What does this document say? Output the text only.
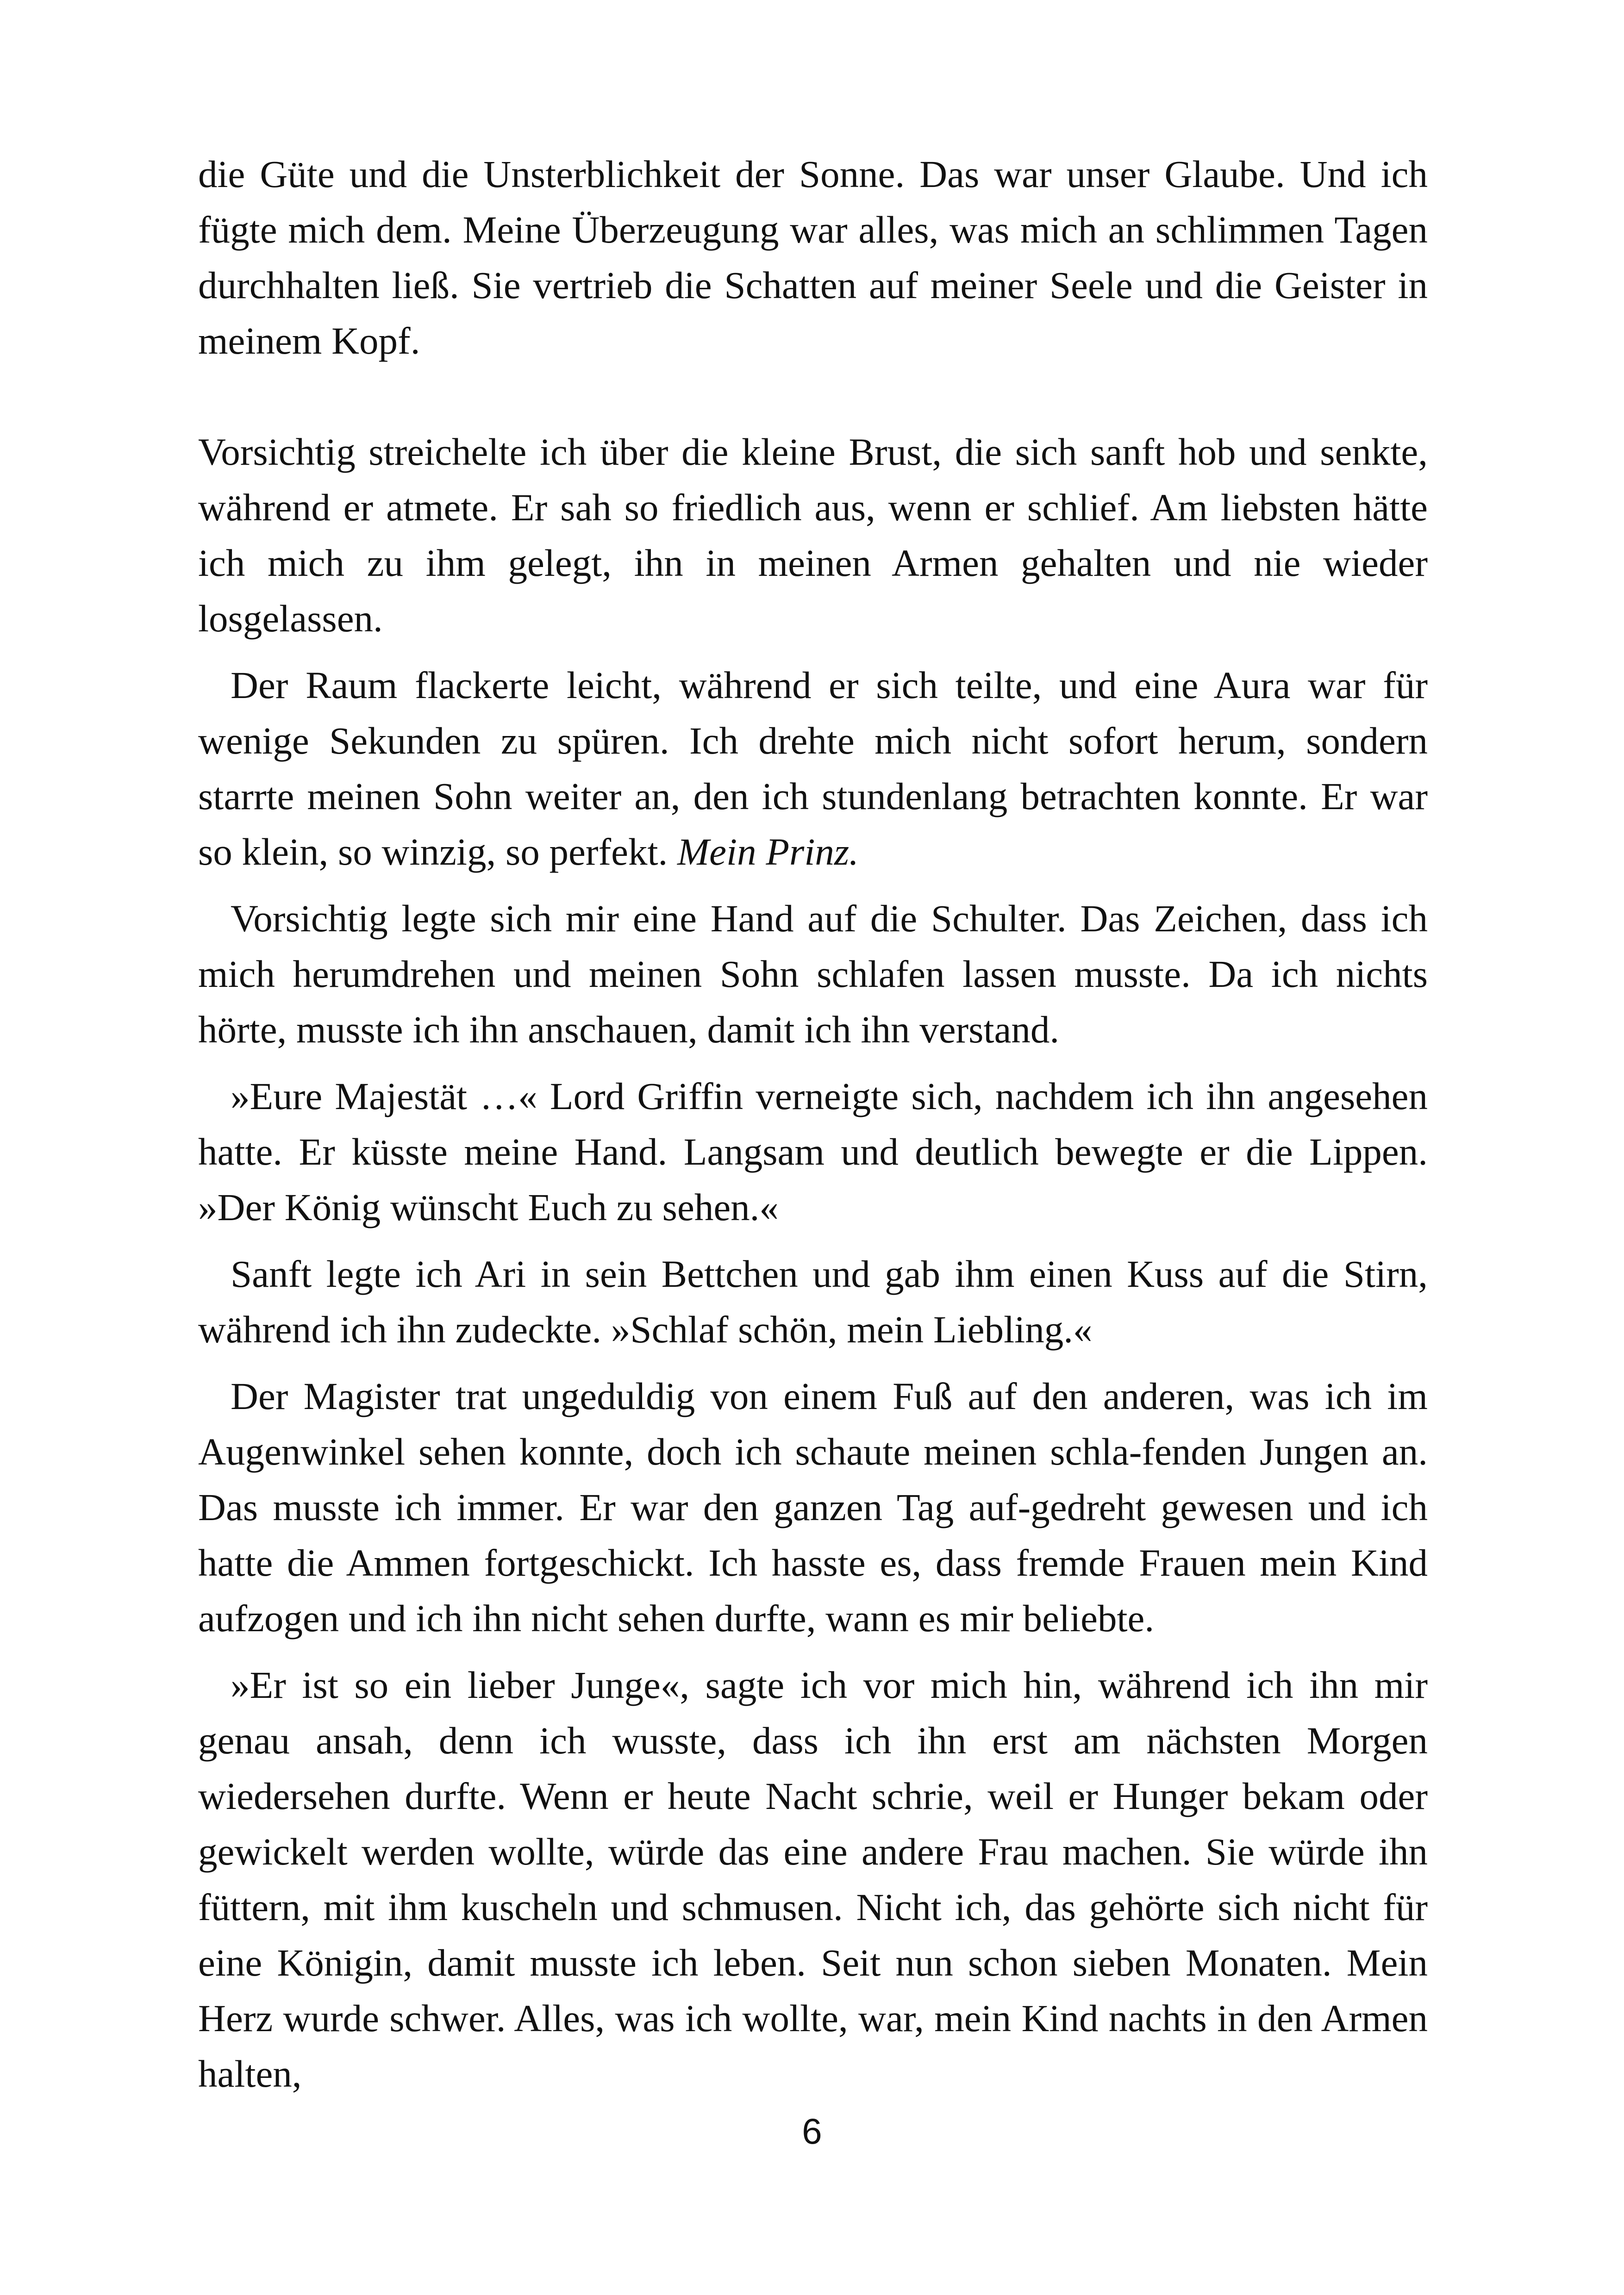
die Güte und die Unsterblichkeit der Sonne. Das war unser Glaube. Und ich fügte mich dem. Meine Überzeugung war alles, was mich an schlimmen Tagen durchhalten ließ. Sie vertrieb die Schatten auf meiner Seele und die Geister in meinem Kopf.

Vorsichtig streichelte ich über die kleine Brust, die sich sanft hob und senkte, während er atmete. Er sah so friedlich aus, wenn er schlief. Am liebsten hätte ich mich zu ihm gelegt, ihn in meinen Armen gehalten und nie wieder losgelassen.

Der Raum flackerte leicht, während er sich teilte, und eine Aura war für wenige Sekunden zu spüren. Ich drehte mich nicht sofort herum, sondern starrte meinen Sohn weiter an, den ich stundenlang betrachten konnte. Er war so klein, so winzig, so perfekt. Mein Prinz.

Vorsichtig legte sich mir eine Hand auf die Schulter. Das Zeichen, dass ich mich herumdrehen und meinen Sohn schlafen lassen musste. Da ich nichts hörte, musste ich ihn anschauen, damit ich ihn verstand.

»Eure Majestät …« Lord Griffin verneigte sich, nachdem ich ihn angesehen hatte. Er küsste meine Hand. Langsam und deutlich bewegte er die Lippen. »Der König wünscht Euch zu sehen.«

Sanft legte ich Ari in sein Bettchen und gab ihm einen Kuss auf die Stirn, während ich ihn zudeckte. »Schlaf schön, mein Liebling.«

Der Magister trat ungeduldig von einem Fuß auf den anderen, was ich im Augenwinkel sehen konnte, doch ich schaute meinen schla-fenden Jungen an. Das musste ich immer. Er war den ganzen Tag auf-gedreht gewesen und ich hatte die Ammen fortgeschickt. Ich hasste es, dass fremde Frauen mein Kind aufzogen und ich ihn nicht sehen durfte, wann es mir beliebte.

»Er ist so ein lieber Junge«, sagte ich vor mich hin, während ich ihn mir genau ansah, denn ich wusste, dass ich ihn erst am nächsten Morgen wiedersehen durfte. Wenn er heute Nacht schrie, weil er Hunger bekam oder gewickelt werden wollte, würde das eine andere Frau machen. Sie würde ihn füttern, mit ihm kuscheln und schmusen. Nicht ich, das gehörte sich nicht für eine Königin, damit musste ich leben. Seit nun schon sieben Monaten. Mein Herz wurde schwer. Alles, was ich wollte, war, mein Kind nachts in den Armen halten,

6
